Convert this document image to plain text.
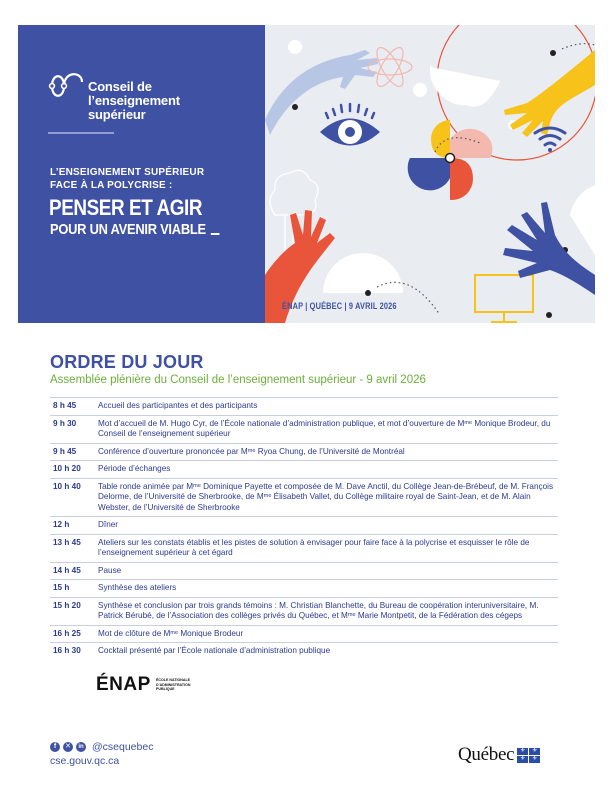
Conseil de
l’enseignement
supérieur
L’ENSEIGNEMENT SUPÉRIEUR
FACE À LA POLYCRISE :
PENSER ET AGIR
POUR UN AVENIR VIABLE
ÉNAP | QUÉBEC | 9 AVRIL 2026
ORDRE DU JOUR
Assemblée plénière du Conseil de l’enseignement supérieur - 9 avril 2026
8 h 45	Accueil des participantes et des participants
9 h 30	Mot d’accueil de M. Hugo Cyr, de l’École nationale d’administration publique, et mot d’ouverture de Mᵐᵉ Monique Brodeur, du Conseil de l’enseignement supérieur
9 h 45	Conférence d’ouverture prononcée par Mᵐᵉ Ryoa Chung, de l’Université de Montréal
10 h 20	Période d’échanges
10 h 40	Table ronde animée par Mᵐᵉ Dominique Payette et composée de M. Dave Anctil, du Collège Jean-de-Brébeuf, de M. François Delorme, de l’Université de Sherbrooke, de Mᵐᵉ Élisabeth Vallet, du Collège militaire royal de Saint-Jean, et de M. Alain Webster, de l’Université de Sherbrooke
12 h	Dîner
13 h 45	Ateliers sur les constats établis et les pistes de solution à envisager pour faire face à la polycrise et esquisser le rôle de l’enseignement supérieur à cet égard
14 h 45	Pause
15 h	Synthèse des ateliers
15 h 20	Synthèse et conclusion par trois grands témoins : M. Christian Blanchette, du Bureau de coopération interuniversitaire, M. Patrick Bérubé, de l’Association des collèges privés du Québec, et Mᵐᵉ Marie Montpetit, de la Fédération des cégeps
16 h 25	Mot de clôture de Mᵐᵉ Monique Brodeur
16 h 30	Cocktail présenté par l’École nationale d’administration publique
ÉNAP ÉCOLE NATIONALE
D’ADMINISTRATION
PUBLIQUE
f	✕	in @csequebec
cse.gouv.qc.ca	Québec ⚜	⚜
⚜	⚜
